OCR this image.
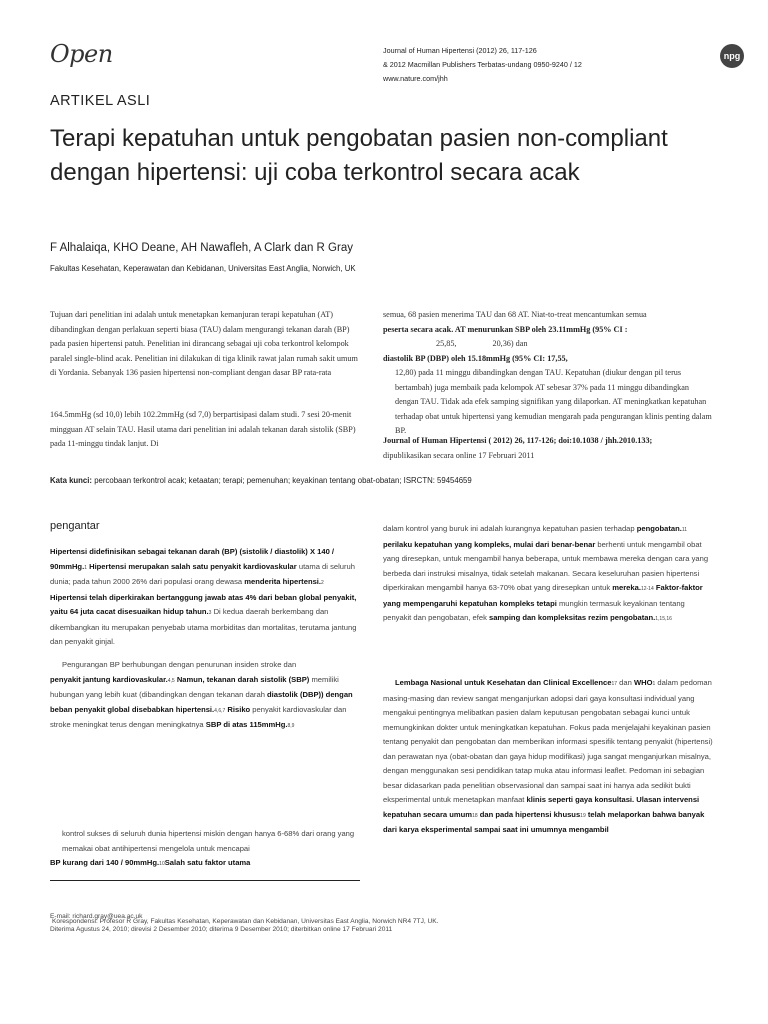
Open	Journal of Human Hipertensi (2012) 26, 117-126
& 2012 Macmillan Publishers Terbatas-undang 0950-9240 / 12
www.nature.com/jhh
npg
ARTIKEL ASLI
Terapi kepatuhan untuk pengobatan pasien non-compliant dengan hipertensi: uji coba terkontrol secara acak
F Alhalaiqa, KHO Deane, AH Nawafleh, A Clark dan R Gray
Fakultas Kesehatan, Keperawatan dan Kebidanan, Universitas East Anglia, Norwich, UK

Tujuan dari penelitian ini adalah untuk menetapkan kemanjuran terapi kepatuhan (AT) dibandingkan dengan perlakuan seperti biasa (TAU) dalam mengurangi tekanan darah (BP) pada pasien hipertensi patuh. Penelitian ini dirancang sebagai uji coba terkontrol kelompok paralel single-blind acak. Penelitian ini dilakukan di tiga klinik rawat jalan rumah sakit umum di Yordania. Sebanyak 136 pasien hipertensi non-compliant dengan dasar BP rata-rata

164.5mmHg (sd 10,0) lebih 102.2mmHg (sd 7,0) berpartisipasi dalam studi. 7 sesi 20-menit mingguan AT selain TAU. Hasil utama dari penelitian ini adalah tekanan darah sistolik (SBP) pada 11-minggu tindak lanjut. Di

semua, 68 pasien menerima TAU dan 68 AT. Niat-to-treat mencantumkan semua

peserta secara acak. AT menurunkan SBP oleh 23.11mmHg (95% CI :

25,85,	20,36) dan

diastolik BP (DBP) oleh 15.18mmHg (95% CI: 17,55,

12,80) pada 11 minggu dibandingkan dengan TAU. Kepatuhan (diukur dengan pil terus bertambah) juga membaik pada kelompok AT sebesar 37% pada 11 minggu dibandingkan dengan TAU. Tidak ada efek samping signifikan yang dilaporkan. AT meningkatkan kepatuhan terhadap obat untuk hipertensi yang kemudian mengarah pada pengurangan klinis penting dalam BP.

Journal of Human Hipertensi ( 2012) 26, 117-126; doi:10.1038 / jhh.2010.133;

dipublikasikan secara online 17 Februari 2011

Kata kunci: percobaan terkontrol acak; ketaatan; terapi; pemenuhan; keyakinan tentang obat-obatan; ISRCTN: 59454659
pengantar

Hipertensi didefinisikan sebagai tekanan darah (BP) (sistolik / diastolik) X 140 / 90mmHg.1 Hipertensi merupakan salah satu penyakit kardiovaskular utama di seluruh dunia; pada tahun 2000 26% dari populasi orang dewasa menderita hipertensi.2 Hipertensi telah diperkirakan bertanggung jawab atas 4% dari beban global penyakit, yaitu 64 juta cacat disesuaikan hidup tahun.3 Di kedua daerah berkembang dan dikembangkan itu merupakan penyebab utama morbiditas dan mortalitas, terutama jantung dan penyakit ginjal.

Pengurangan BP berhubungan dengan penurunan insiden stroke dan
penyakit jantung kardiovaskular.4,5 Namun, tekanan darah sistolik (SBP) memiliki hubungan yang lebih kuat (dibandingkan dengan tekanan darah diastolik (DBP)) dengan beban penyakit global disebabkan hipertensi.4,6,7 Risiko penyakit kardiovaskular dan stroke meningkat terus dengan meningkatnya SBP di atas 115mmHg.8,9

kontrol sukses di seluruh dunia hipertensi miskin dengan hanya 6-68% dari orang yang memakai obat antihipertensi mengelola untuk mencapai
BP kurang dari 140 / 90mmHg.10Salah satu faktor utama

dalam kontrol yang buruk ini adalah kurangnya kepatuhan pasien terhadap pengobatan.11 perilaku kepatuhan yang kompleks, mulai dari benar-benar berhenti untuk mengambil obat yang diresepkan, untuk mengambil hanya beberapa, untuk membawa mereka dengan cara yang berbeda dari instruksi misalnya, tidak setelah makanan. Secara keseluruhan pasien hipertensi diperkirakan mengambil hanya 63-70% obat yang diresepkan untuk mereka.12-14 Faktor-faktor yang mempengaruhi kepatuhan kompleks tetapi mungkin termasuk keyakinan tentang penyakit dan pengobatan, efek samping dan kompleksitas rezim pengobatan.1,15,16

Lembaga Nasional untuk Kesehatan dan Clinical Excellence17 dan WHO1 dalam pedoman masing-masing dan review sangat menganjurkan adopsi dari gaya konsultasi individual yang mengakui pentingnya melibatkan pasien dalam keputusan pengobatan sebagai kunci untuk memungkinkan dokter untuk meningkatkan kepatuhan. Fokus pada menjelajahi keyakinan pasien tentang penyakit dan pengobatan dan memberikan informasi spesifik tentang penyakit (hipertensi) dan perawatan nya (obat-obatan dan gaya hidup modifikasi) juga sangat menganjurkan misalnya, dengan menggunakan sesi pendidikan tatap muka atau informasi leaflet. Pedoman ini sebagian besar didasarkan pada penelitian observasional dan sampai saat ini hanya ada sedikit bukti eksperimental untuk menetapkan manfaat klinis seperti gaya konsultasi. Ulasan intervensi kepatuhan secara umum18 dan pada hipertensi khusus19 telah melaporkan bahwa banyak dari karya eksperimental sampai saat ini umumnya mengambil

E-mail: richard.gray@uea.ac.uk
Korespondensi: Profesor R Gray, Fakultas Kesehatan, Keperawatan dan Kebidanan, Universitas East Anglia, Norwich NR4 7TJ, UK.
Diterima Agustus 24, 2010; direvisi 2 Desember 2010; diterima 9 Desember 2010; diterbitkan online 17 Februari 2011
